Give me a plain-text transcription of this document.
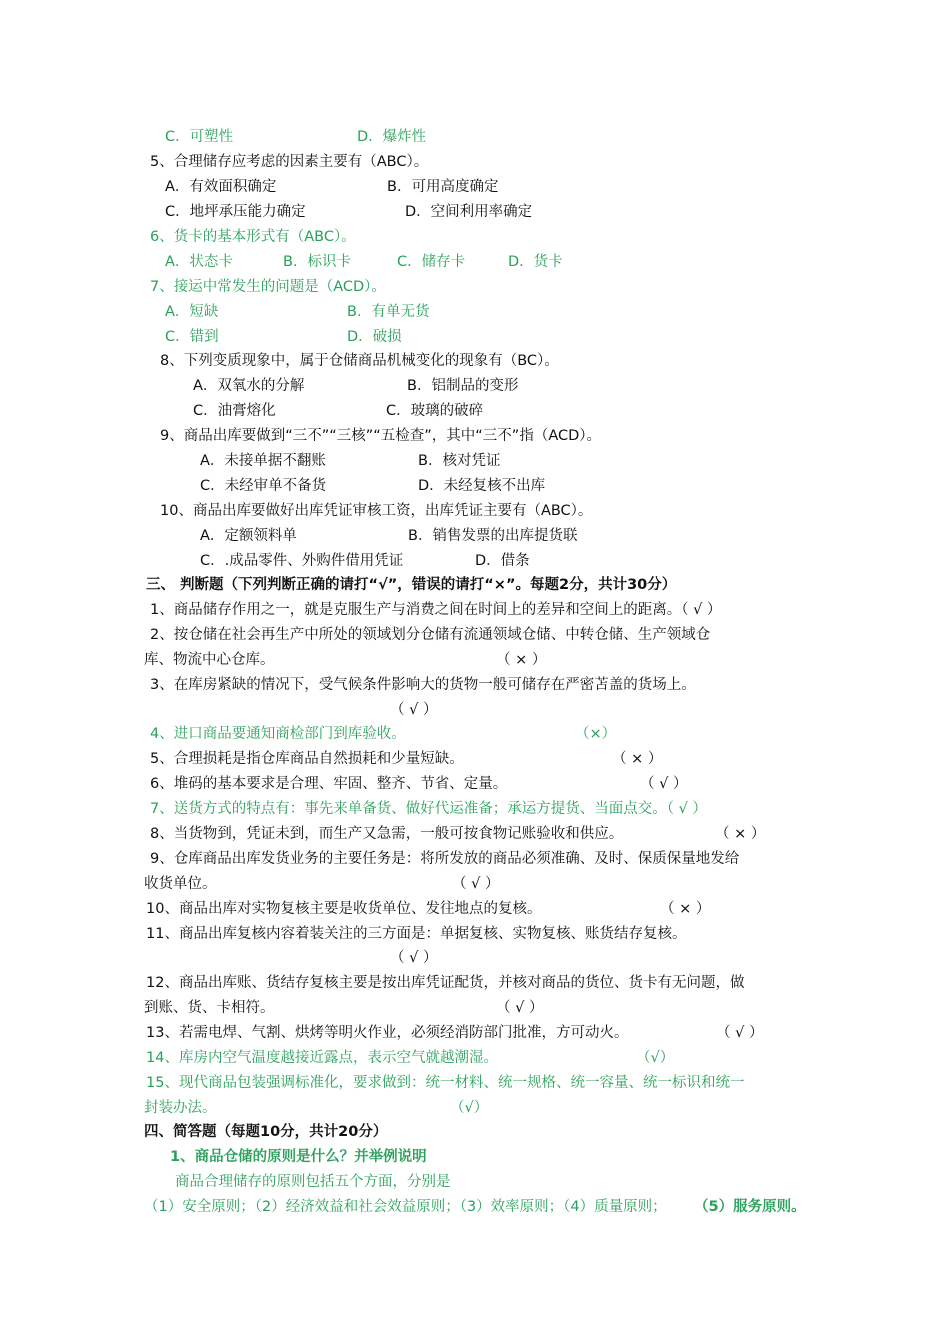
C．可塑性	D．爆炸性
5、合理储存应考虑的因素主要有（ABC）。
A．有效面积确定	B．可用高度确定
C．地坪承压能力确定	D．空间利用率确定
6、货卡的基本形式有（ABC）。
A．状态卡	B．标识卡	C．储存卡	D．货卡
7、接运中常发生的问题是（ACD）。
A．短缺	B．有单无货
C．错到	D．破损
8、下列变质现象中，属于仓储商品机械变化的现象有（BC）。
A．双氧水的分解	B．铝制品的变形
C．油膏熔化	C．玻璃的破碎
9、商品出库要做到“三不”“三核”“五检查”，其中“三不”指（ACD）。
A．未接单据不翻账	B．核对凭证
C．未经审单不备货	D．未经复核不出库
10、商品出库要做好出库凭证审核工资，出库凭证主要有（ABC）。
A．定额领料单	B．销售发票的出库提货联
C．.成品零件、外购件借用凭证	D．借条
三、 判断题（下列判断正确的请打“√”，错误的请打“×”。每题2分，共计30分）
1、商品储存作用之一，就是克服生产与消费之间在时间上的差异和空间上的距离。（ √ ）
2、按仓储在社会再生产中所处的领域划分仓储有流通领域仓储、中转仓储、生产领域仓
库、物流中心仓库。	（ × ）
3、在库房紧缺的情况下，受气候条件影响大的货物一般可储存在严密苫盖的货场上。
（ √ ）
4、进口商品要通知商检部门到库验收。	（×）
5、合理损耗是指仓库商品自然损耗和少量短缺。	（ × ）
6、堆码的基本要求是合理、牢固、整齐、节省、定量。	（ √ ）
7、送货方式的特点有：事先来单备货、做好代运准备；承运方提货、当面点交。（ √ ）
8、当货物到，凭证未到，而生产又急需，一般可按食物记账验收和供应。	（ × ）
9、仓库商品出库发货业务的主要任务是：将所发放的商品必须准确、及时、保质保量地发给
收货单位。	（ √ ）
10、商品出库对实物复核主要是收货单位、发往地点的复核。	（ × ）
11、商品出库复核内容着装关注的三方面是：单据复核、实物复核、账货结存复核。
（ √ ）
12、商品出库账、货结存复核主要是按出库凭证配货，并核对商品的货位、货卡有无问题，做
到账、货、卡相符。	（ √ ）
13、若需电焊、气割、烘烤等明火作业，必须经消防部门批准，方可动火。	（ √ ）
14、库房内空气温度越接近露点，表示空气就越潮湿。	（√）
15、现代商品包装强调标准化，要求做到：统一材料、统一规格、统一容量、统一标识和统一
封装办法。	（√）
四、简答题（每题10分，共计20分）
1、商品仓储的原则是什么？并举例说明
商品合理储存的原则包括五个方面，分别是
（1）安全原则；（2）经济效益和社会效益原则；（3）效率原则；（4）质量原则； （5）服务原则。
